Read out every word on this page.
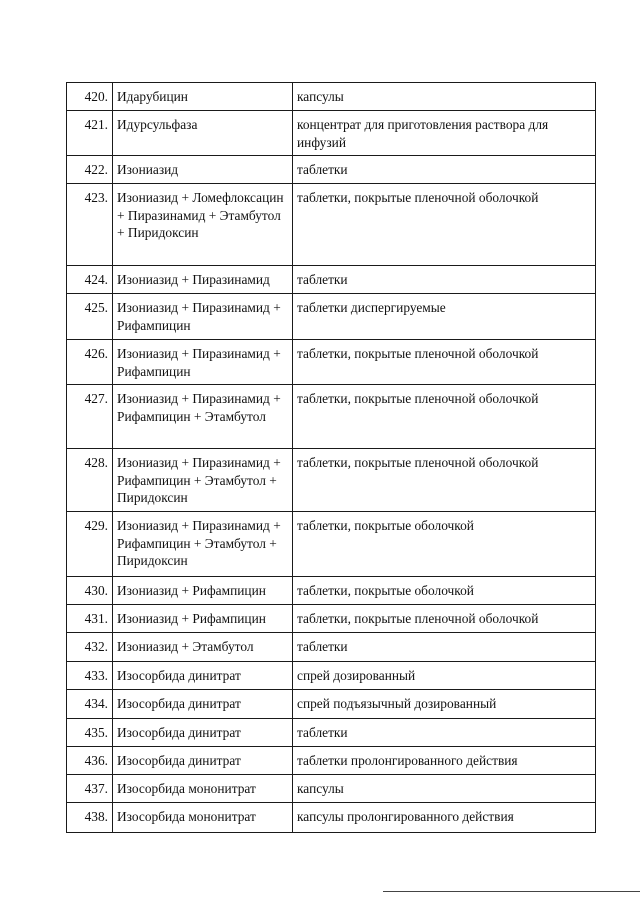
420.	Идарубицин	капсулы
421.	Идурсульфаза	концентрат для приготовления раствора для инфузий
422.	Изониазид	таблетки
423.	Изониазид + Ломефлоксацин + Пиразинамид + Этамбутол + Пиридоксин	таблетки, покрытые пленочной оболочкой
424.	Изониазид + Пиразинамид	таблетки
425.	Изониазид + Пиразинамид + Рифампицин	таблетки диспергируемые
426.	Изониазид + Пиразинамид + Рифампицин	таблетки, покрытые пленочной оболочкой
427.	Изониазид + Пиразинамид + Рифампицин + Этамбутол	таблетки, покрытые пленочной оболочкой
428.	Изониазид + Пиразинамид + Рифампицин + Этамбутол + Пиридоксин	таблетки, покрытые пленочной оболочкой
429.	Изониазид + Пиразинамид + Рифампицин + Этамбутол + Пиридоксин	таблетки, покрытые оболочкой
430.	Изониазид + Рифампицин	таблетки, покрытые оболочкой
431.	Изониазид + Рифампицин	таблетки, покрытые пленочной оболочкой
432.	Изониазид + Этамбутол	таблетки
433.	Изосорбида динитрат	спрей дозированный
434.	Изосорбида динитрат	спрей подъязычный дозированный
435.	Изосорбида динитрат	таблетки
436.	Изосорбида динитрат	таблетки пролонгированного действия
437.	Изосорбида мононитрат	капсулы
438.	Изосорбида мононитрат	капсулы пролонгированного действия
